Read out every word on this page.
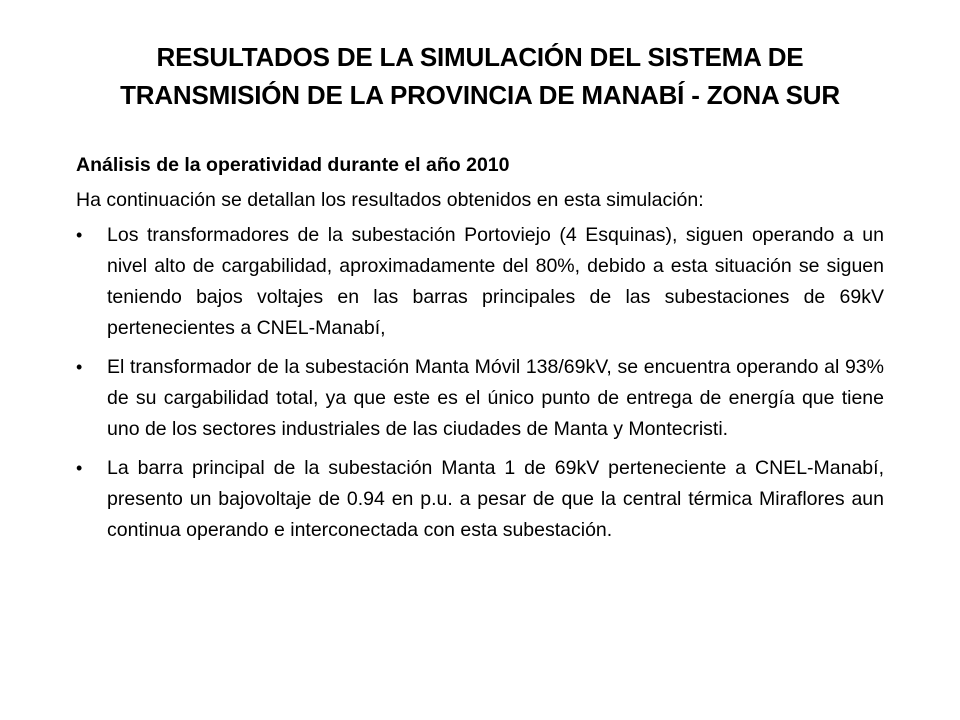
RESULTADOS DE LA SIMULACIÓN DEL SISTEMA DE
TRANSMISIÓN DE LA PROVINCIA DE MANABÍ - ZONA SUR

Análisis de la operatividad durante el año 2010

Ha continuación se detallan los resultados obtenidos en esta simulación:

•	Los transformadores de la subestación Portoviejo (4 Esquinas), siguen operando a un nivel alto de cargabilidad, aproximadamente del 80%, debido a esta situación se siguen teniendo bajos voltajes en las barras principales de las subestaciones de 69kV pertenecientes a CNEL-Manabí,
•	El transformador de la subestación Manta Móvil 138/69kV, se encuentra operando al 93% de su cargabilidad total, ya que este es el único punto de entrega de energía que tiene uno de los sectores industriales de las ciudades de Manta y Montecristi.
•	La barra principal de la subestación Manta 1 de 69kV perteneciente a CNEL-Manabí, presento un bajovoltaje de 0.94 en p.u. a pesar de que la central térmica Miraflores aun continua operando e interconectada con esta subestación.
